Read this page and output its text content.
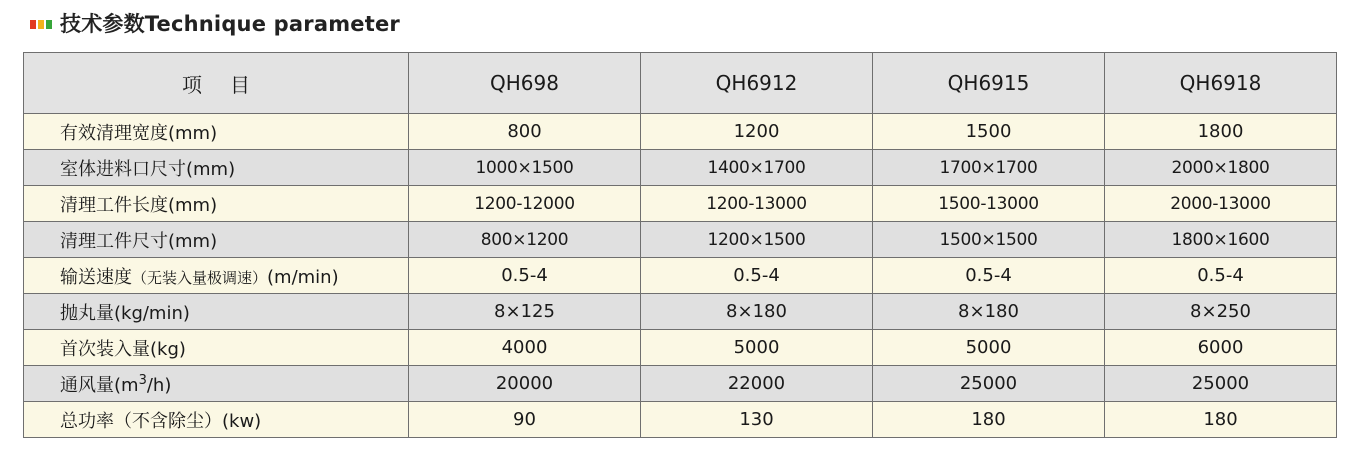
技术参数Technique parameter
项目	QH698	QH6912	QH6915	QH6918
有效清理宽度(mm)	800	1200	1500	1800
室体进料口尺寸(mm)	1000×1500	1400×1700	1700×1700	2000×1800
清理工件长度(mm)	1200-12000	1200-13000	1500-13000	2000-13000
清理工件尺寸(mm)	800×1200	1200×1500	1500×1500	1800×1600
输送速度（无装入量极调速）(m/min)	0.5-4	0.5-4	0.5-4	0.5-4
抛丸量(kg/min)	8×125	8×180	8×180	8×250
首次装入量(kg)	4000	5000	5000	6000
通风量$(m^3/h)$	20000	22000	25000	25000
总功率（不含除尘）(kw)	90	130	180	180
